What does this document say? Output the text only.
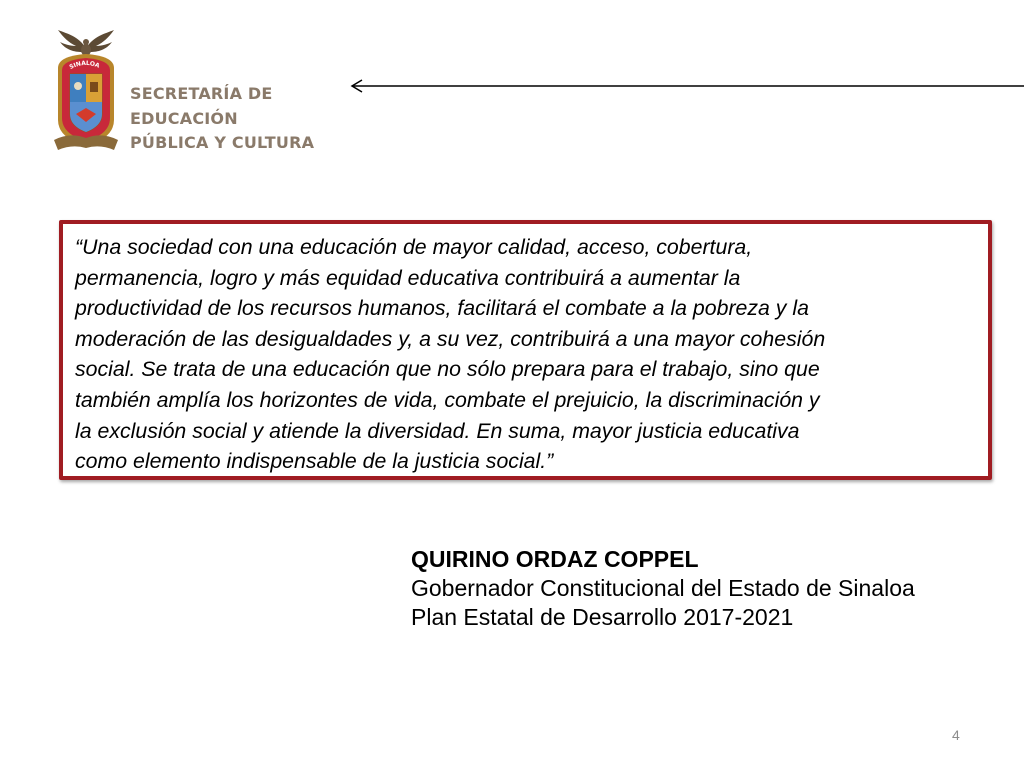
SINALOA
SECRETARÍA DE
EDUCACIÓN
PÚBLICA Y CULTURA
“Una sociedad con una educación de mayor calidad, acceso, cobertura,
permanencia, logro y más equidad educativa contribuirá a aumentar la
productividad de los recursos humanos, facilitará el combate a la pobreza y la
moderación de las desigualdades y, a su vez, contribuirá a una mayor cohesión
social. Se trata de una educación que no sólo prepara para el trabajo, sino que
también amplía los horizontes de vida, combate el prejuicio, la discriminación y
la exclusión social y atiende la diversidad. En suma, mayor justicia educativa
como elemento indispensable de la justicia social.”
QUIRINO ORDAZ COPPEL
Gobernador Constitucional del Estado de Sinaloa
Plan Estatal de Desarrollo 2017-2021
4
